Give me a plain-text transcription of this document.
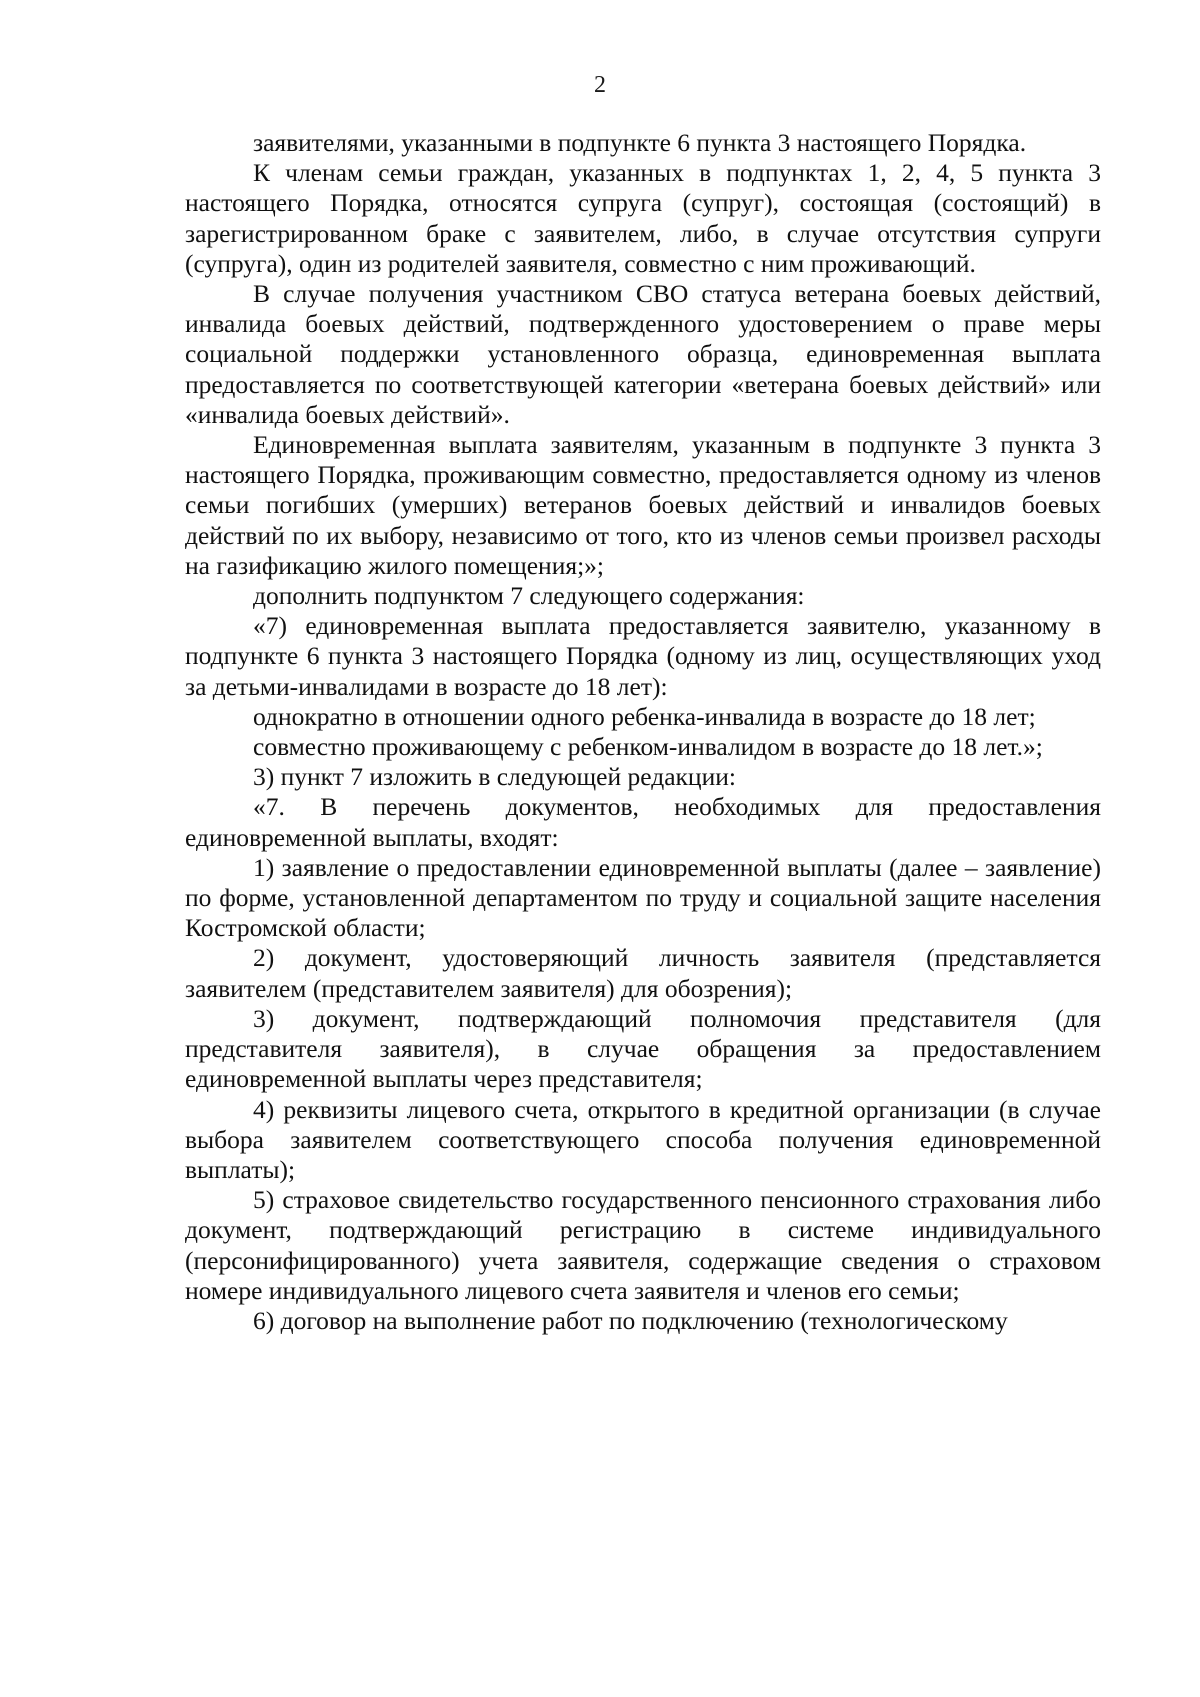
2

заявителями, указанными в подпункте 6 пункта 3 настоящего Порядка.

К членам семьи граждан, указанных в подпунктах 1, 2, 4, 5 пункта 3 настоящего Порядка, относятся супруга (супруг), состоящая (состоящий) в зарегистрированном браке с заявителем, либо, в случае отсутствия супруги (супруга), один из родителей заявителя, совместно с ним проживающий.

В случае получения участником СВО статуса ветерана боевых действий, инвалида боевых действий, подтвержденного удостоверением о праве меры социальной поддержки установленного образца, единовременная выплата предоставляется по соответствующей категории «ветерана боевых действий» или «инвалида боевых действий».

Единовременная выплата заявителям, указанным в подпункте 3 пункта 3 настоящего Порядка, проживающим совместно, предоставляется одному из членов семьи погибших (умерших) ветеранов боевых действий и инвалидов боевых действий по их выбору, независимо от того, кто из членов семьи произвел расходы на газификацию жилого помещения;»;

дополнить подпунктом 7 следующего содержания:

«7) единовременная выплата предоставляется заявителю, указанному в подпункте 6 пункта 3 настоящего Порядка (одному из лиц, осуществляющих уход за детьми-инвалидами в возрасте до 18 лет):

однократно в отношении одного ребенка-инвалида в возрасте до 18 лет;

совместно проживающему с ребенком-инвалидом в возрасте до 18 лет.»;

3) пункт 7 изложить в следующей редакции:

«7. В перечень документов, необходимых для предоставления единовременной выплаты, входят:

1) заявление о предоставлении единовременной выплаты (далее – заявление) по форме, установленной департаментом по труду и социальной защите населения Костромской области;

2) документ, удостоверяющий личность заявителя (представляется заявителем (представителем заявителя) для обозрения);

3) документ, подтверждающий полномочия представителя (для представителя заявителя), в случае обращения за предоставлением единовременной выплаты через представителя;

4) реквизиты лицевого счета, открытого в кредитной организации (в случае выбора заявителем соответствующего способа получения единовременной выплаты);

5) страховое свидетельство государственного пенсионного страхования либо документ, подтверждающий регистрацию в системе индивидуального (персонифицированного) учета заявителя, содержащие сведения о страховом номере индивидуального лицевого счета заявителя и членов его семьи;

6) договор на выполнение работ по подключению (технологическому
